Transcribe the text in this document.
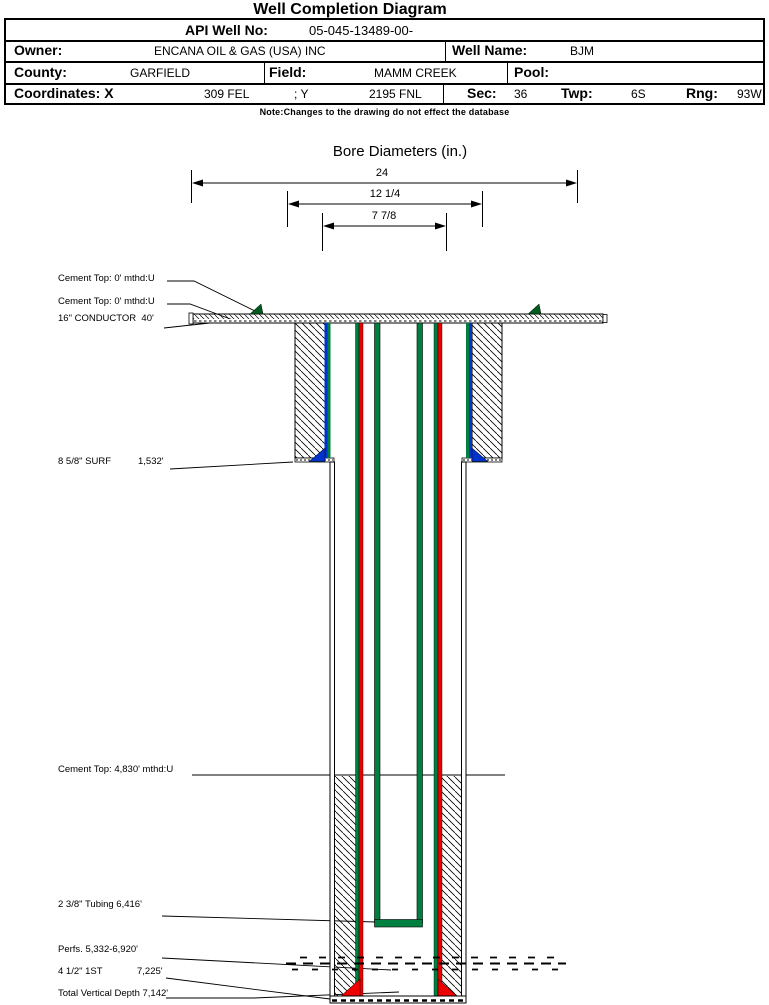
Well Completion Diagram
API Well No:	05-045-13489-00-
Owner:	ENCANA OIL & GAS (USA) INC	Well Name:	BJM
County:	GARFIELD	Field:	MAMM CREEK	Pool:
Coordinates: X	309 FEL	; Y	2195 FNL	Sec: 36 Twp:	6S	Rng: 93W
Note:Changes to the drawing do not effect the database
Bore Diameters (in.)
24
12 1/4
7 7/8
Cement Top: 0' mthd:U
Cement Top: 0' mthd:U
16" CONDUCTOR  40'
8 5/8" SURF	1,532'
Cement Top: 4,830' mthd:U
2 3/8" Tubing 6,416'
Perfs. 5,332-6,920'
4 1/2" 1ST	7,225'
Total Vertical Depth 7,142'
